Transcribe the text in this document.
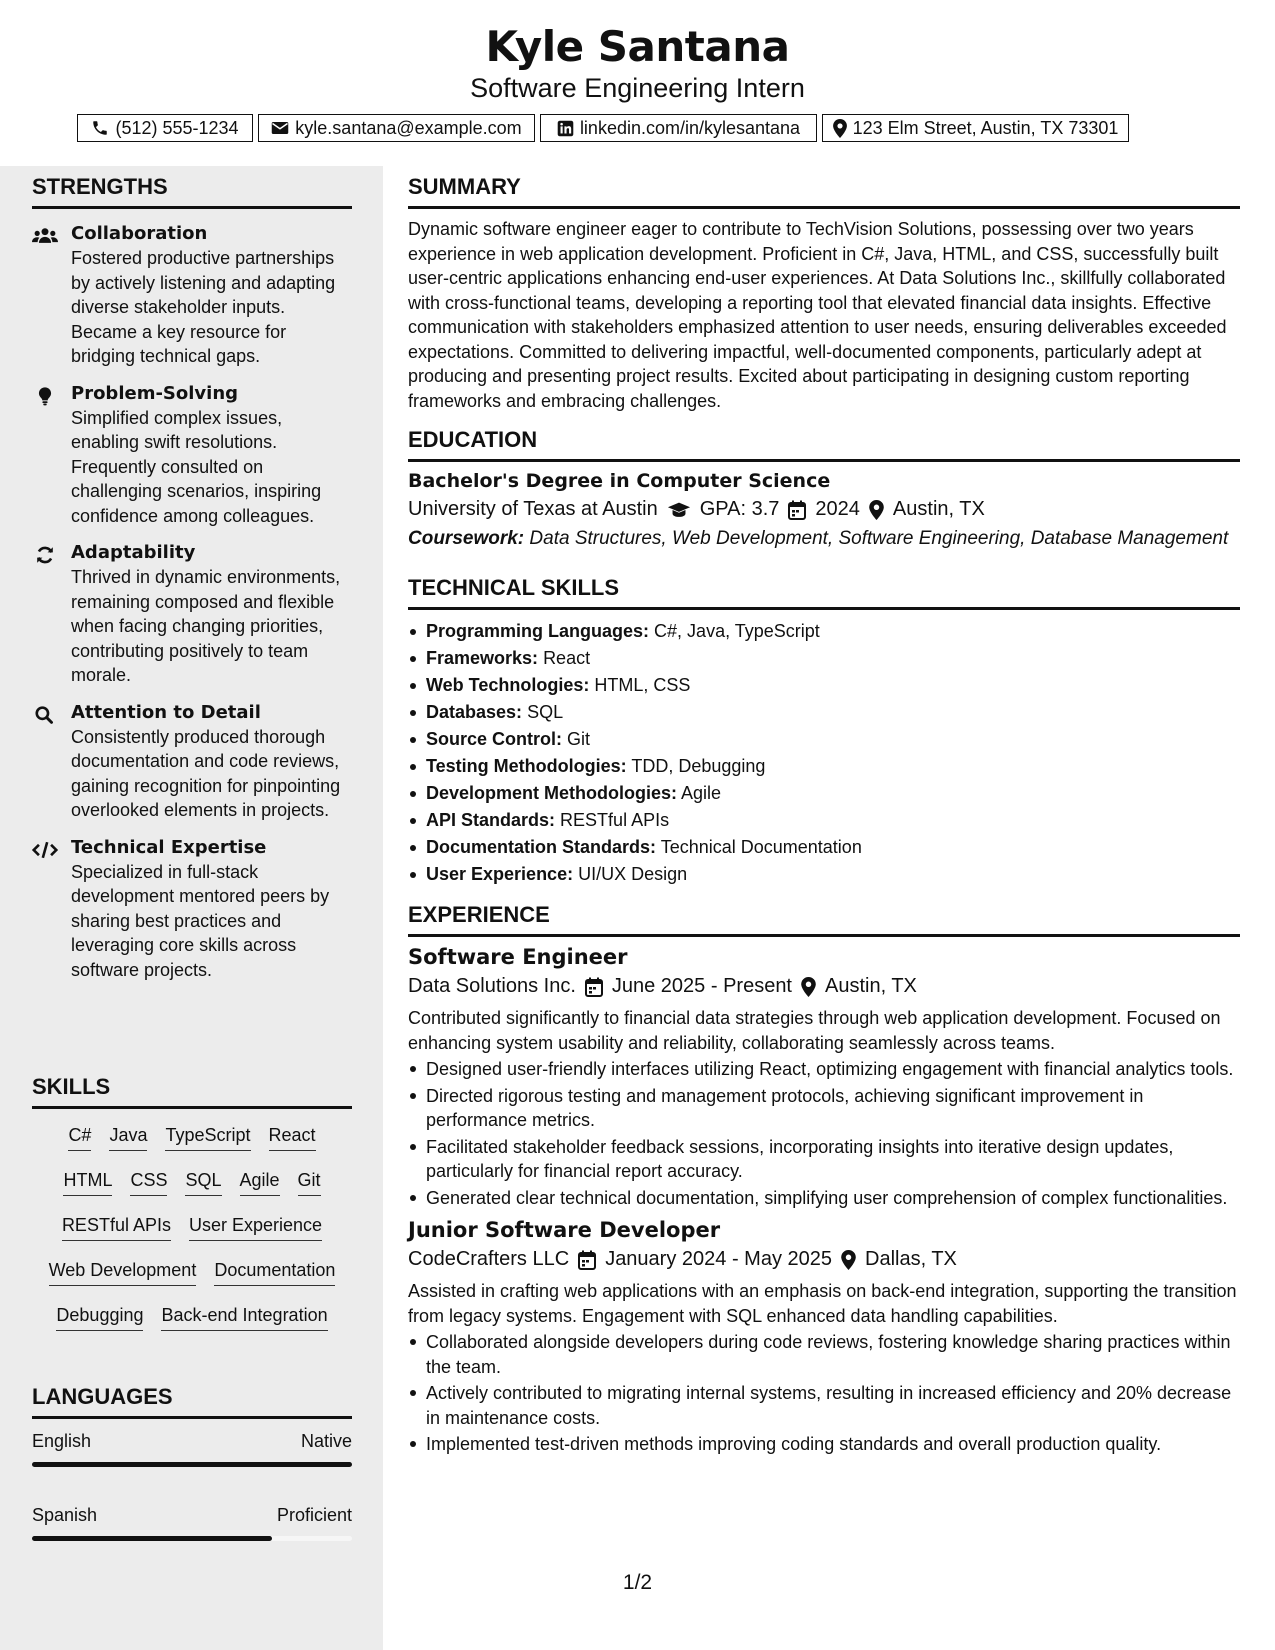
Kyle Santana
Software Engineering Intern
(512) 555-1234	kyle.santana@example.com	linkedin.com/in/kylesantana	123 Elm Street, Austin, TX 73301
STRENGTHS
Collaboration
Fostered productive partnerships by actively listening and adapting diverse stakeholder inputs. Became a key resource for bridging technical gaps.
Problem-Solving
Simplified complex issues, enabling swift resolutions. Frequently consulted on challenging scenarios, inspiring confidence among colleagues.
Adaptability
Thrived in dynamic environments, remaining composed and flexible when facing changing priorities, contributing positively to team morale.
Attention to Detail
Consistently produced thorough documentation and code reviews, gaining recognition for pinpointing overlooked elements in projects.
Technical Expertise
Specialized in full-stack development mentored peers by sharing best practices and leveraging core skills across software projects.
SKILLS
C# Java TypeScript React
HTML CSS SQL Agile Git
RESTful APIs User Experience
Web Development Documentation
Debugging Back-end Integration
LANGUAGES
English	Native
Spanish	Proficient
SUMMARY
Dynamic software engineer eager to contribute to TechVision Solutions, possessing over two years experience in web application development. Proficient in C#, Java, HTML, and CSS, successfully built user-centric applications enhancing end-user experiences. At Data Solutions Inc., skillfully collaborated with cross-functional teams, developing a reporting tool that elevated financial data insights. Effective communication with stakeholders emphasized attention to user needs, ensuring deliverables exceeded expectations. Committed to delivering impactful, well-documented components, particularly adept at producing and presenting project results. Excited about participating in designing custom reporting frameworks and embracing challenges.
EDUCATION
Bachelor's Degree in Computer Science
University of Texas at Austin GPA: 3.7 2024 Austin, TX
Coursework: Data Structures, Web Development, Software Engineering, Database Management
TECHNICAL SKILLS
Programming Languages: C#, Java, TypeScript
Frameworks: React
Web Technologies: HTML, CSS
Databases: SQL
Source Control: Git
Testing Methodologies: TDD, Debugging
Development Methodologies: Agile
API Standards: RESTful APIs
Documentation Standards: Technical Documentation
User Experience: UI/UX Design
EXPERIENCE
Software Engineer
Data Solutions Inc. June 2025 - Present Austin, TX
Contributed significantly to financial data strategies through web application development. Focused on enhancing system usability and reliability, collaborating seamlessly across teams.
Designed user-friendly interfaces utilizing React, optimizing engagement with financial analytics tools.
Directed rigorous testing and management protocols, achieving significant improvement in performance metrics.
Facilitated stakeholder feedback sessions, incorporating insights into iterative design updates, particularly for financial report accuracy.
Generated clear technical documentation, simplifying user comprehension of complex functionalities.
Junior Software Developer
CodeCrafters LLC January 2024 - May 2025 Dallas, TX
Assisted in crafting web applications with an emphasis on back-end integration, supporting the transition from legacy systems. Engagement with SQL enhanced data handling capabilities.
Collaborated alongside developers during code reviews, fostering knowledge sharing practices within the team.
Actively contributed to migrating internal systems, resulting in increased efficiency and 20% decrease in maintenance costs.
Implemented test-driven methods improving coding standards and overall production quality.
1/2
